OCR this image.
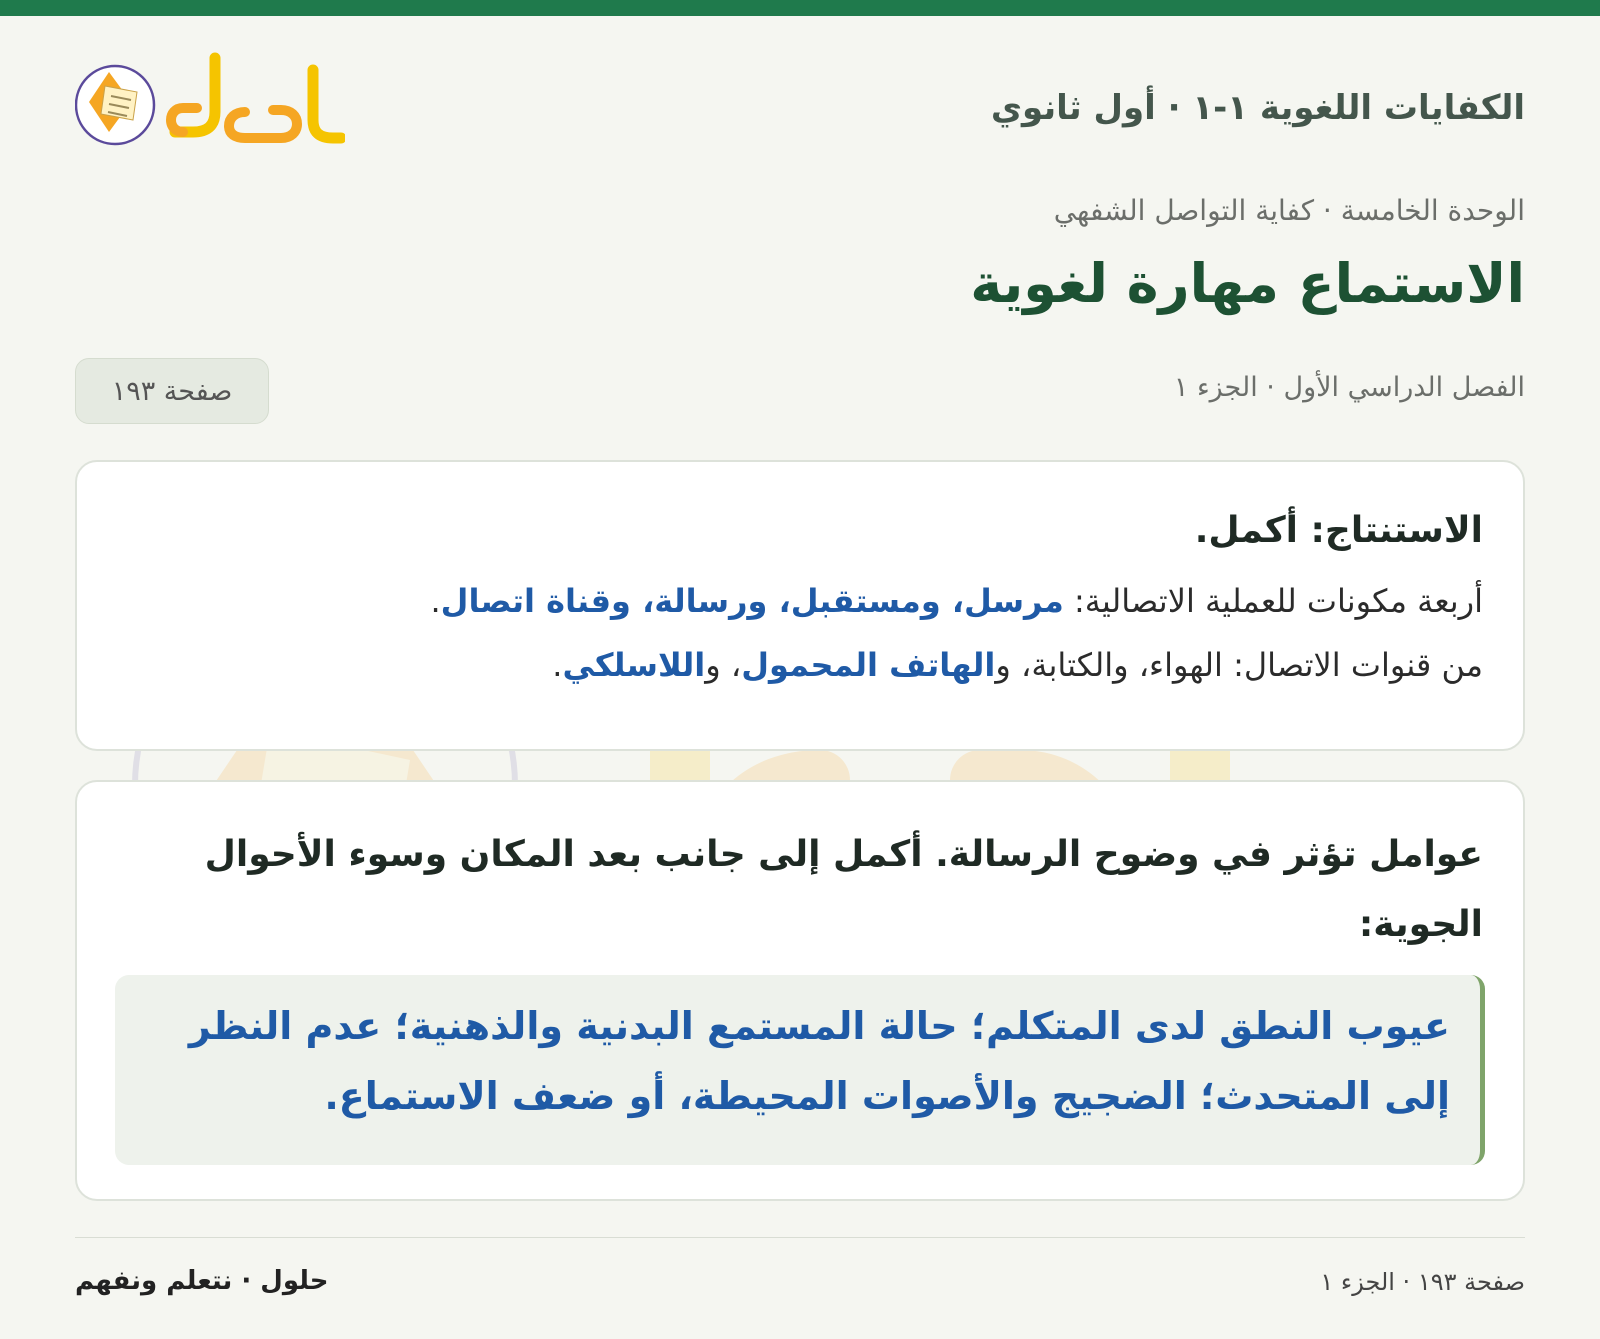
الكفايات اللغوية ١-١ · أول ثانوي
الوحدة الخامسة · كفاية التواصل الشفهي
الاستماع مهارة لغوية
الفصل الدراسي الأول · الجزء ١
صفحة ١٩٣
الاستنتاج: أكمل.
أربعة مكونات للعملية الاتصالية: مرسل، ومستقبل، ورسالة، وقناة اتصال.
من قنوات الاتصال: الهواء، والكتابة، والهاتف المحمول، واللاسلكي.
عوامل تؤثر في وضوح الرسالة. أكمل إلى جانب بعد المكان وسوء الأحوال الجوية:
عيوب النطق لدى المتكلم؛ حالة المستمع البدنية والذهنية؛ عدم النظر إلى المتحدث؛ الضجيج والأصوات المحيطة، أو ضعف الاستماع.
صفحة ١٩٣ · الجزء ١
حلول · نتعلم ونفهم
